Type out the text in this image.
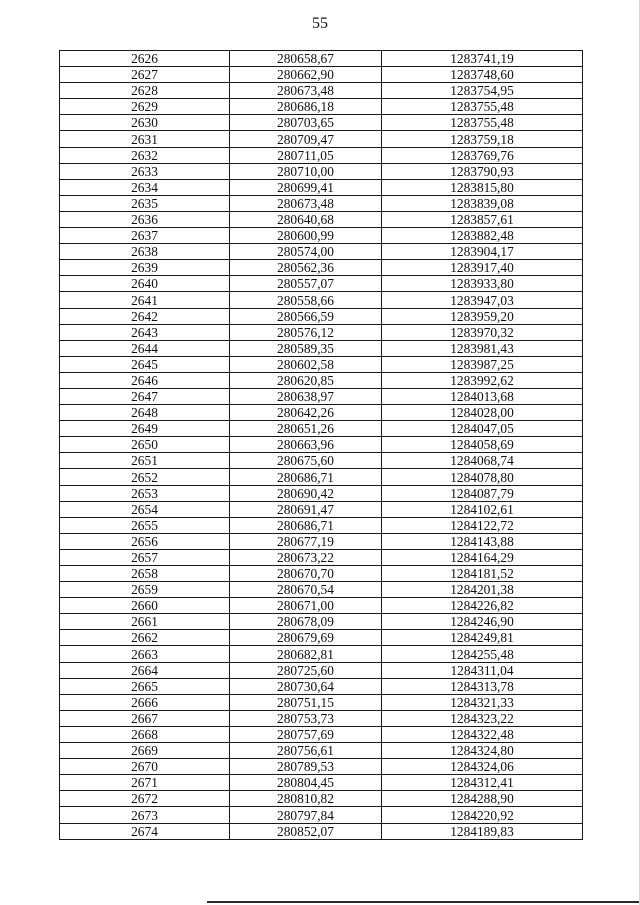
55
2626	280658,67	1283741,19
2627	280662,90	1283748,60
2628	280673,48	1283754,95
2629	280686,18	1283755,48
2630	280703,65	1283755,48
2631	280709,47	1283759,18
2632	280711,05	1283769,76
2633	280710,00	1283790,93
2634	280699,41	1283815,80
2635	280673,48	1283839,08
2636	280640,68	1283857,61
2637	280600,99	1283882,48
2638	280574,00	1283904,17
2639	280562,36	1283917,40
2640	280557,07	1283933,80
2641	280558,66	1283947,03
2642	280566,59	1283959,20
2643	280576,12	1283970,32
2644	280589,35	1283981,43
2645	280602,58	1283987,25
2646	280620,85	1283992,62
2647	280638,97	1284013,68
2648	280642,26	1284028,00
2649	280651,26	1284047,05
2650	280663,96	1284058,69
2651	280675,60	1284068,74
2652	280686,71	1284078,80
2653	280690,42	1284087,79
2654	280691,47	1284102,61
2655	280686,71	1284122,72
2656	280677,19	1284143,88
2657	280673,22	1284164,29
2658	280670,70	1284181,52
2659	280670,54	1284201,38
2660	280671,00	1284226,82
2661	280678,09	1284246,90
2662	280679,69	1284249,81
2663	280682,81	1284255,48
2664	280725,60	1284311,04
2665	280730,64	1284313,78
2666	280751,15	1284321,33
2667	280753,73	1284323,22
2668	280757,69	1284322,48
2669	280756,61	1284324,80
2670	280789,53	1284324,06
2671	280804,45	1284312,41
2672	280810,82	1284288,90
2673	280797,84	1284220,92
2674	280852,07	1284189,83
